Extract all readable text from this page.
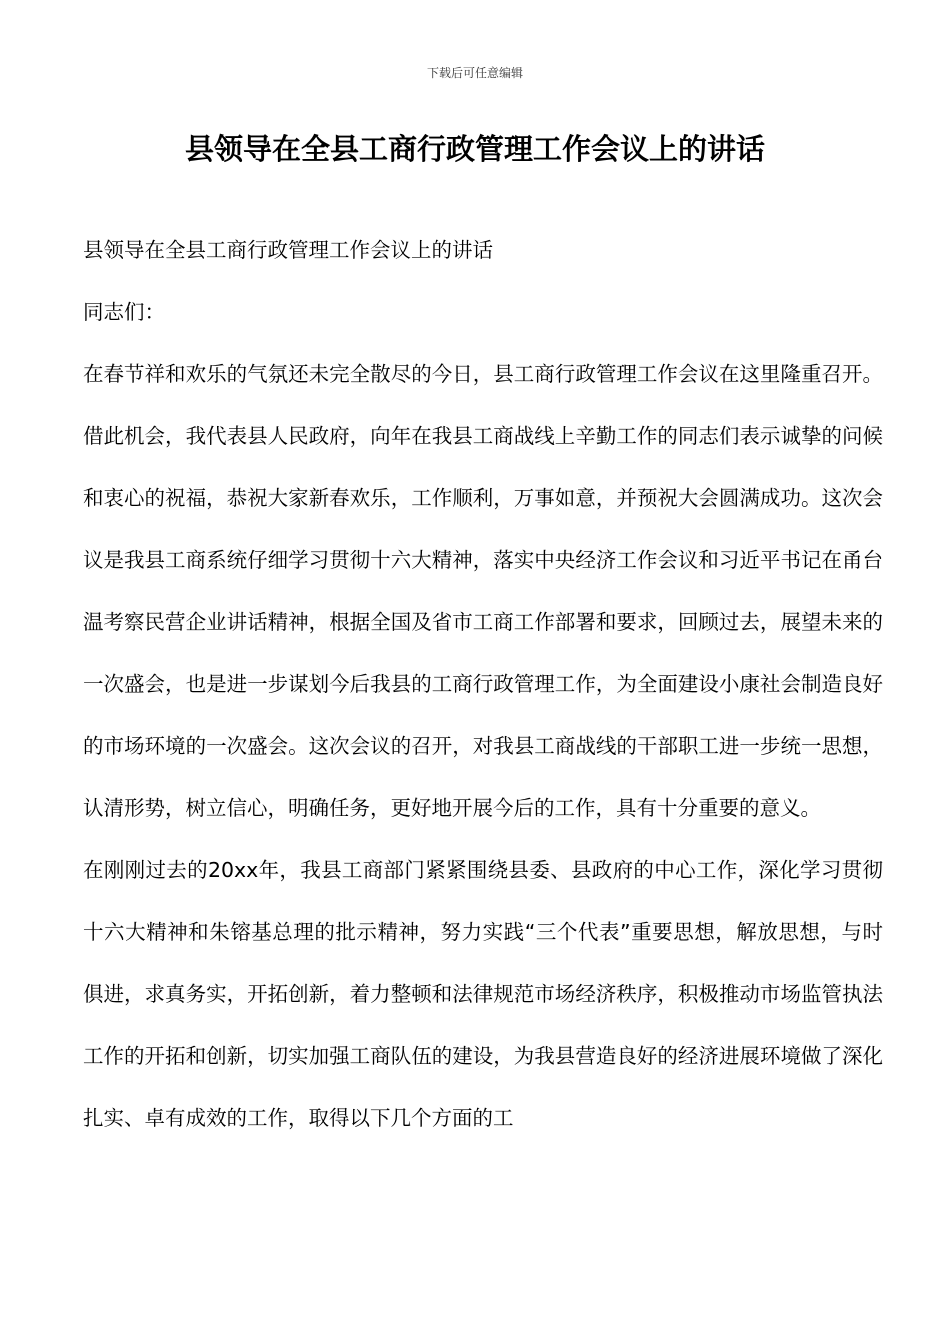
下载后可任意编辑
县领导在全县工商行政管理工作会议上的讲话

县领导在全县工商行政管理工作会议上的讲话

同志们：

在春节祥和欢乐的气氛还未完全散尽的今日，县工商行政管理工作会议在这里隆重召开。借此机会，我代表县人民政府，向年在我县工商战线上辛勤工作的同志们表示诚挚的问候和衷心的祝福，恭祝大家新春欢乐，工作顺利，万事如意，并预祝大会圆满成功。这次会议是我县工商系统仔细学习贯彻十六大精神，落实中央经济工作会议和习近平书记在甬台温考察民营企业讲话精神，根据全国及省市工商工作部署和要求，回顾过去，展望未来的一次盛会，也是进一步谋划今后我县的工商行政管理工作，为全面建设小康社会制造良好的市场环境的一次盛会。这次会议的召开，对我县工商战线的干部职工进一步统一思想，认清形势，树立信心，明确任务，更好地开展今后的工作，具有十分重要的意义。

在刚刚过去的20xx年，我县工商部门紧紧围绕县委、县政府的中心工作，深化学习贯彻十六大精神和朱镕基总理的批示精神，努力实践“三个代表”重要思想，解放思想，与时俱进，求真务实，开拓创新，着力整顿和法律规范市场经济秩序，积极推动市场监管执法工作的开拓和创新，切实加强工商队伍的建设，为我县营造良好的经济进展环境做了深化扎实、卓有成效的工作，取得以下几个方面的工
